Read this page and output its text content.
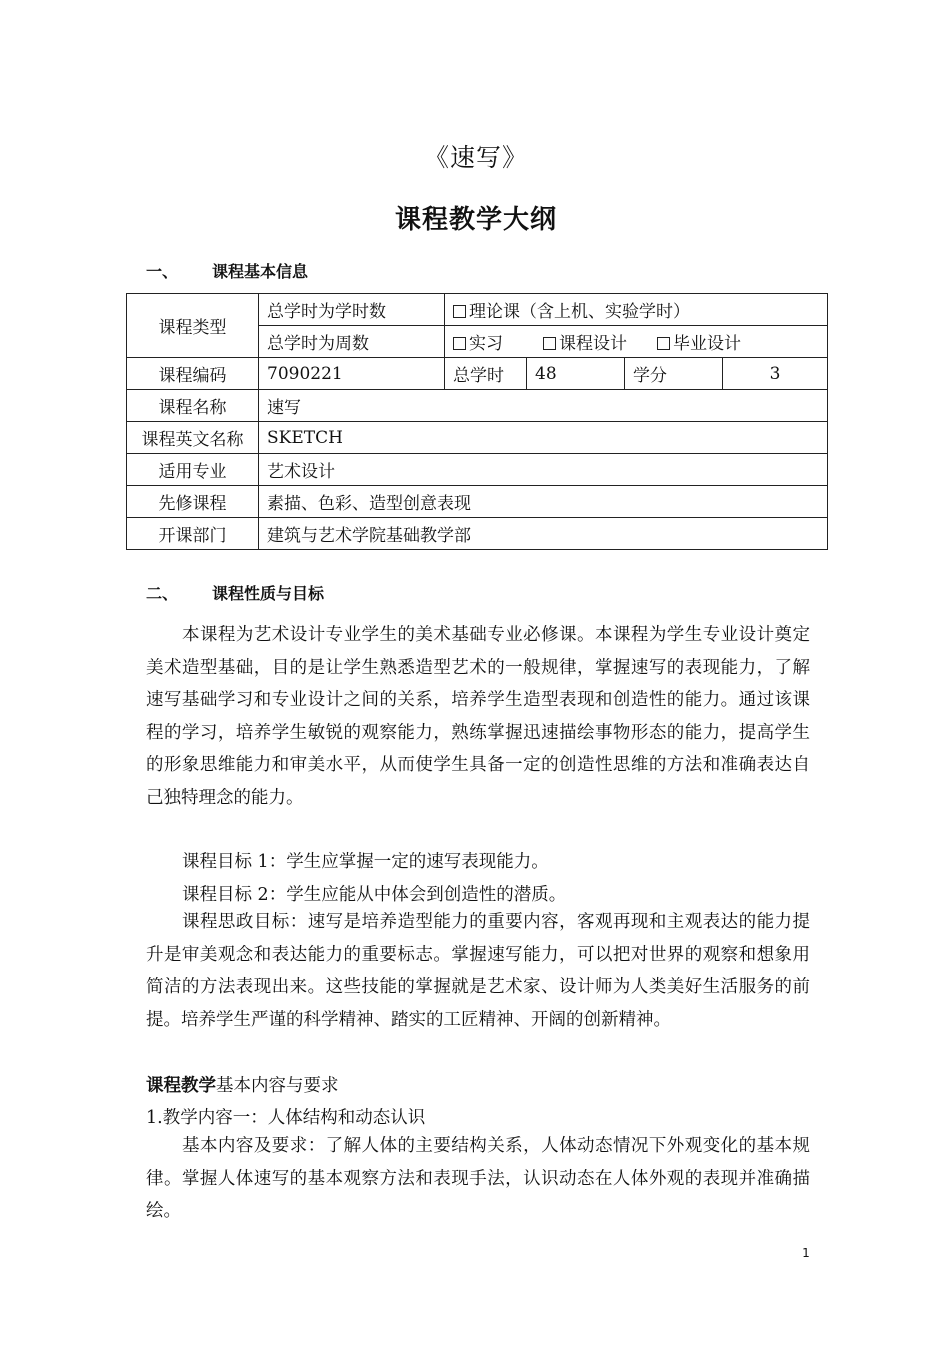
《速写》
课程教学大纲
一、 课程基本信息
课程类型	总学时为学时数	理论课（含上机、实验学时）			
	总学时为周数	实习 课程设计 毕业设计			
课程编码	7090221	总学时	48	学分	3
课程名称	速写				
课程英文名称	SKETCH				
适用专业	艺术设计				
先修课程	素描、色彩、造型创意表现				
开课部门	建筑与艺术学院基础教学部				
二、 课程性质与目标

本课程为艺术设计专业学生的美术基础专业必修课。本课程为学生专业设计奠定美术造型基础，目的是让学生熟悉造型艺术的一般规律，掌握速写的表现能力，了解速写基础学习和专业设计之间的关系，培养学生造型表现和创造性的能力。通过该课程的学习，培养学生敏锐的观察能力，熟练掌握迅速描绘事物形态的能力，提高学生的形象思维能力和审美水平，从而使学生具备一定的创造性思维的方法和准确表达自己独特理念的能力。

课程目标 1：学生应掌握一定的速写表现能力。

课程目标 2：学生应能从中体会到创造性的潜质。

课程思政目标：速写是培养造型能力的重要内容，客观再现和主观表达的能力提升是审美观念和表达能力的重要标志。掌握速写能力，可以把对世界的观察和想象用简洁的方法表现出来。这些技能的掌握就是艺术家、设计师为人类美好生活服务的前提。培养学生严谨的科学精神、踏实的工匠精神、开阔的创新精神。

课程教学基本内容与要求

1.教学内容一：人体结构和动态认识

基本内容及要求：了解人体的主要结构关系，人体动态情况下外观变化的基本规律。掌握人体速写的基本观察方法和表现手法，认识动态在人体外观的表现并准确描绘。

1
